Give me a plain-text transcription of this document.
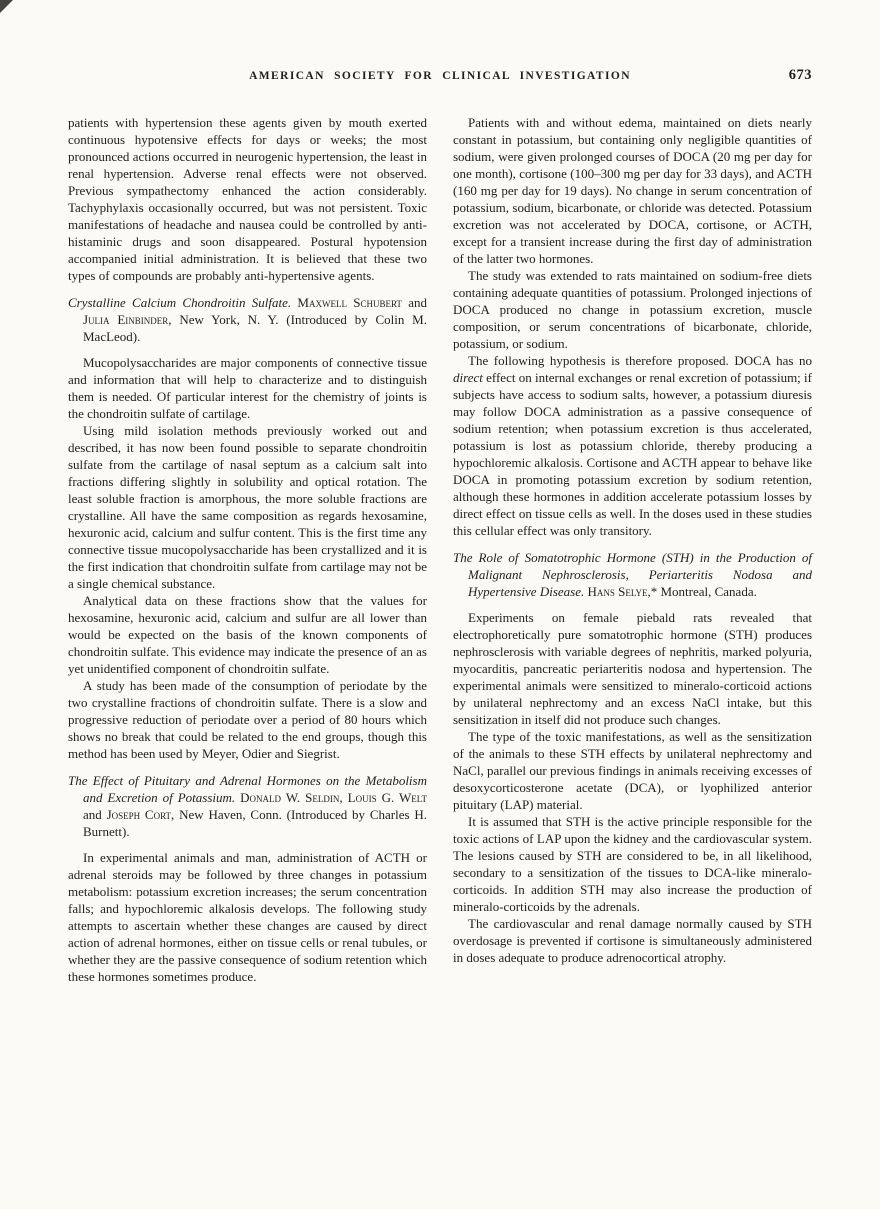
AMERICAN SOCIETY FOR CLINICAL INVESTIGATION	673

patients with hypertension these agents given by mouth exerted continuous hypotensive effects for days or weeks; the most pronounced actions occurred in neurogenic hypertension, the least in renal hypertension. Adverse renal effects were not observed. Previous sympathectomy enhanced the action considerably. Tachyphylaxis occasionally occurred, but was not persistent. Toxic manifestations of headache and nausea could be controlled by anti-histaminic drugs and soon disappeared. Postural hypotension accompanied initial administration. It is believed that these two types of compounds are probably anti-hypertensive agents.

Crystalline Calcium Chondroitin Sulfate. Maxwell Schubert and Julia Einbinder, New York, N. Y. (Introduced by Colin M. MacLeod).

Mucopolysaccharides are major components of connective tissue and information that will help to characterize and to distinguish them is needed. Of particular interest for the chemistry of joints is the chondroitin sulfate of cartilage.

Using mild isolation methods previously worked out and described, it has now been found possible to separate chondroitin sulfate from the cartilage of nasal septum as a calcium salt into fractions differing slightly in solubility and optical rotation. The least soluble fraction is amorphous, the more soluble fractions are crystalline. All have the same composition as regards hexosamine, hexuronic acid, calcium and sulfur content. This is the first time any connective tissue mucopolysaccharide has been crystallized and it is the first indication that chondroitin sulfate from cartilage may not be a single chemical substance.

Analytical data on these fractions show that the values for hexosamine, hexuronic acid, calcium and sulfur are all lower than would be expected on the basis of the known components of chondroitin sulfate. This evidence may indicate the presence of an as yet unidentified component of chondroitin sulfate.

A study has been made of the consumption of periodate by the two crystalline fractions of chondroitin sulfate. There is a slow and progressive reduction of periodate over a period of 80 hours which shows no break that could be related to the end groups, though this method has been used by Meyer, Odier and Siegrist.

The Effect of Pituitary and Adrenal Hormones on the Metabolism and Excretion of Potassium. Donald W. Seldin, Louis G. Welt and Joseph Cort, New Haven, Conn. (Introduced by Charles H. Burnett).

In experimental animals and man, administration of ACTH or adrenal steroids may be followed by three changes in potassium metabolism: potassium excretion increases; the serum concentration falls; and hypochloremic alkalosis develops. The following study attempts to ascertain whether these changes are caused by direct action of adrenal hormones, either on tissue cells or renal tubules, or whether they are the passive consequence of sodium retention which these hormones sometimes produce.

Patients with and without edema, maintained on diets nearly constant in potassium, but containing only negligible quantities of sodium, were given prolonged courses of DOCA (20 mg per day for one month), cortisone (100–300 mg per day for 33 days), and ACTH (160 mg per day for 19 days). No change in serum concentration of potassium, sodium, bicarbonate, or chloride was detected. Potassium excretion was not accelerated by DOCA, cortisone, or ACTH, except for a transient increase during the first day of administration of the latter two hormones.

The study was extended to rats maintained on sodium-free diets containing adequate quantities of potassium. Prolonged injections of DOCA produced no change in potassium excretion, muscle composition, or serum concentrations of bicarbonate, chloride, potassium, or sodium.

The following hypothesis is therefore proposed. DOCA has no direct effect on internal exchanges or renal excretion of potassium; if subjects have access to sodium salts, however, a potassium diuresis may follow DOCA administration as a passive consequence of sodium retention; when potassium excretion is thus accelerated, potassium is lost as potassium chloride, thereby producing a hypochloremic alkalosis. Cortisone and ACTH appear to behave like DOCA in promoting potassium excretion by sodium retention, although these hormones in addition accelerate potassium losses by direct effect on tissue cells as well. In the doses used in these studies this cellular effect was only transitory.

The Role of Somatotrophic Hormone (STH) in the Production of Malignant Nephrosclerosis, Periarteritis Nodosa and Hypertensive Disease. Hans Selye,* Montreal, Canada.

Experiments on female piebald rats revealed that electrophoretically pure somatotrophic hormone (STH) produces nephrosclerosis with variable degrees of nephritis, marked polyuria, myocarditis, pancreatic periarteritis nodosa and hypertension. The experimental animals were sensitized to mineralo-corticoid actions by unilateral nephrectomy and an excess NaCl intake, but this sensitization in itself did not produce such changes.

The type of the toxic manifestations, as well as the sensitization of the animals to these STH effects by unilateral nephrectomy and NaCl, parallel our previous findings in animals receiving excesses of desoxycorticosterone acetate (DCA), or lyophilized anterior pituitary (LAP) material.

It is assumed that STH is the active principle responsible for the toxic actions of LAP upon the kidney and the cardiovascular system. The lesions caused by STH are considered to be, in all likelihood, secondary to a sensitization of the tissues to DCA-like mineralo-corticoids. In addition STH may also increase the production of mineralo-corticoids by the adrenals.

The cardiovascular and renal damage normally caused by STH overdosage is prevented if cortisone is simultaneously administered in doses adequate to produce adrenocortical atrophy.
